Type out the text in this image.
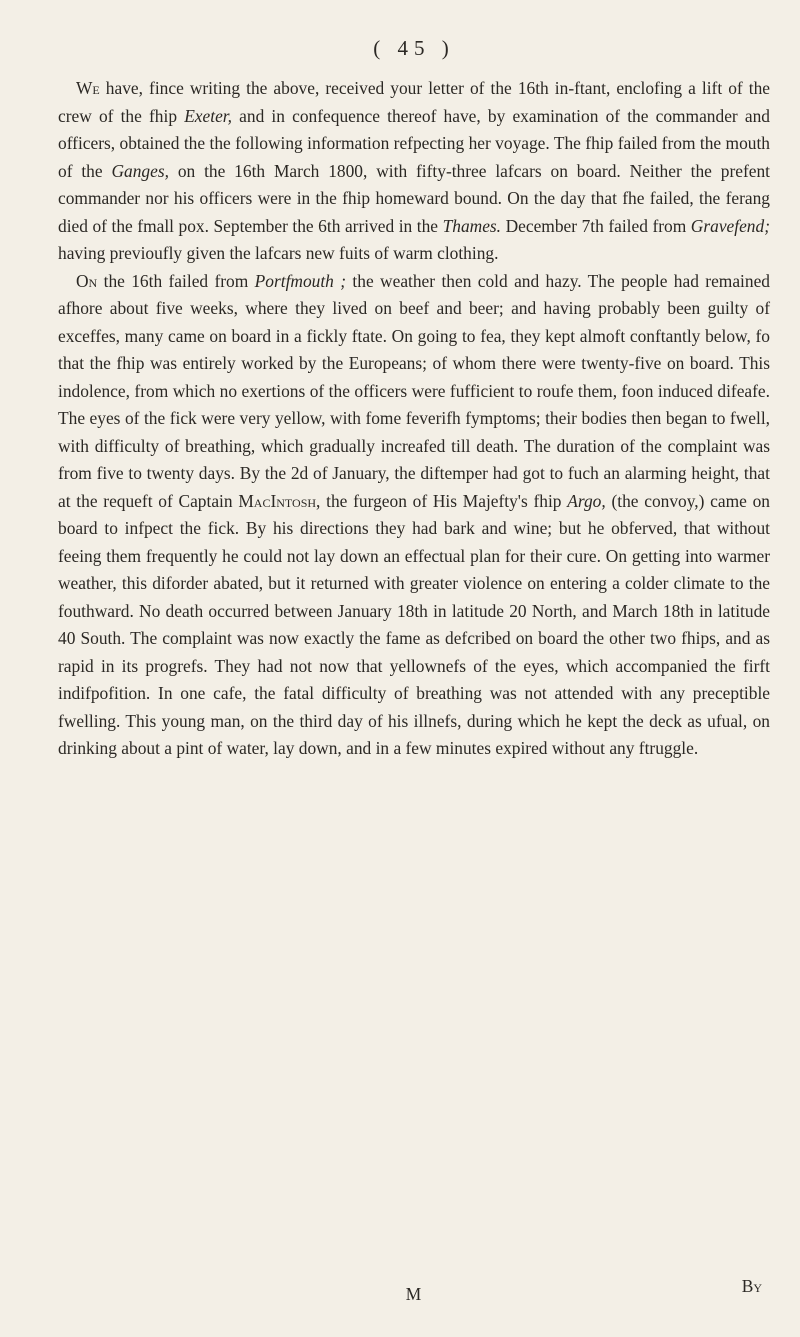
( 45 )

We have, fince writing the above, received your letter of the 16th in-ftant, enclofing a lift of the crew of the fhip Exeter, and in confequence thereof have, by examination of the commander and officers, obtained the the following information refpecting her voyage. The fhip failed from the mouth of the Ganges, on the 16th March 1800, with fifty-three lafcars on board. Neither the prefent commander nor his officers were in the fhip homeward bound. On the day that fhe failed, the ferang died of the fmall pox. September the 6th arrived in the Thames. December 7th failed from Gravefend; having previoufly given the lafcars new fuits of warm clothing.

On the 16th failed from Portfmouth ; the weather then cold and hazy. The people had remained afhore about five weeks, where they lived on beef and beer; and having probably been guilty of exceffes, many came on board in a fickly ftate. On going to fea, they kept almoft conftantly below, fo that the fhip was entirely worked by the Europeans; of whom there were twenty-five on board. This indolence, from which no exertions of the officers were fufficient to roufe them, foon induced difeafe. The eyes of the fick were very yellow, with fome feverifh fymptoms; their bodies then began to fwell, with difficulty of breathing, which gradually increafed till death. The duration of the complaint was from five to twenty days. By the 2d of January, the diftemper had got to fuch an alarming height, that at the requeft of Captain MacIntosh, the furgeon of His Majefty's fhip Argo, (the convoy,) came on board to infpect the fick. By his directions they had bark and wine; but he obferved, that without feeing them frequently he could not lay down an effectual plan for their cure. On getting into warmer weather, this diforder abated, but it returned with greater violence on entering a colder climate to the fouthward. No death occurred between January 18th in latitude 20 North, and March 18th in latitude 40 South. The complaint was now exactly the fame as defcribed on board the other two fhips, and as rapid in its progrefs. They had not now that yellownefs of the eyes, which accompanied the firft indifpofition. In one cafe, the fatal difficulty of breathing was not attended with any preceptible fwelling. This young man, on the third day of his illnefs, during which he kept the deck as ufual, on drinking about a pint of water, lay down, and in a few minutes expired without any ftruggle.

M	By
